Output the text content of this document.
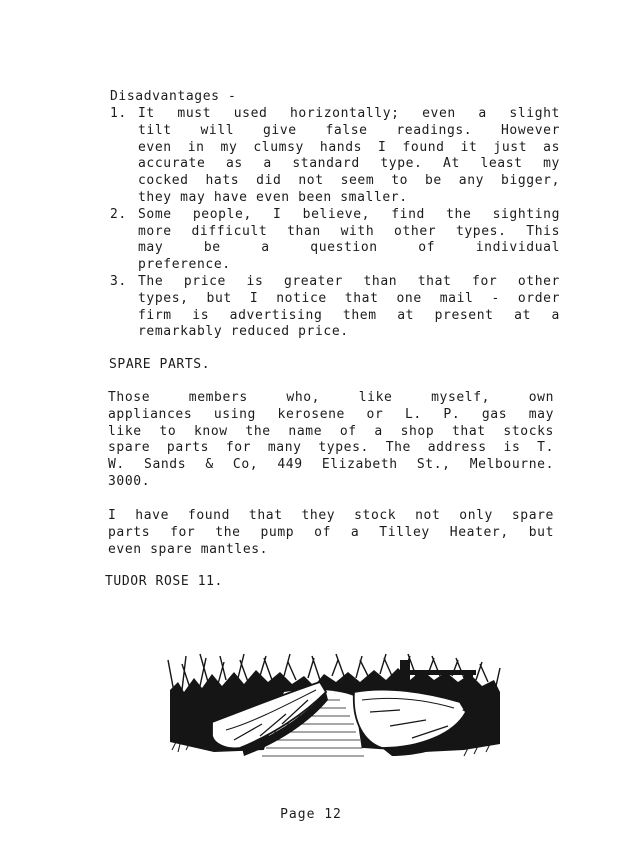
Disadvantages -

1. It must used horizontally; even a slight
tilt will give false readings. However
even in my clumsy hands I found it just as
accurate as a standard type. At least my
cocked hats did not seem to be any bigger,
they may have even been smaller.
2. Some people, I believe, find the sighting
more difficult than with other types. This
may be a question of individual
preference.
3. The price is greater than that for other
types, but I notice that one mail - order
firm is advertising them at present at a
remarkably reduced price.

SPARE PARTS.

Those members who, like myself, own
appliances using kerosene or L. P. gas may
like to know the name of a shop that stocks
spare parts for many types. The address is T.
W. Sands & Co, 449 Elizabeth St., Melbourne.
3000.

I have found that they stock not only spare
parts for the pump of a Tilley Heater, but
even spare mantles.

TUDOR ROSE 11.

Page 12
